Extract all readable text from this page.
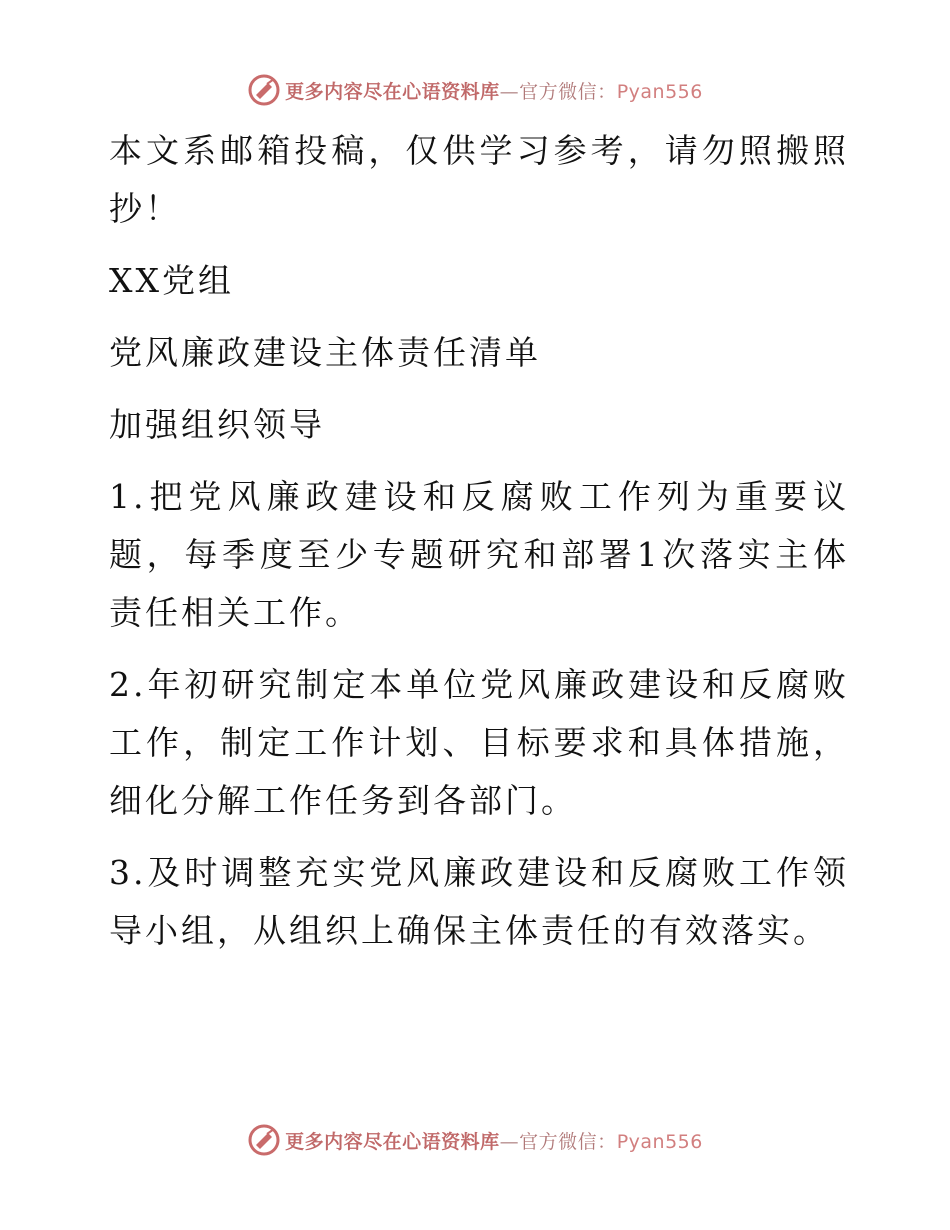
更多内容尽在心语资料库—官方微信：Pyan556

本文系邮箱投稿，仅供学习参考，请勿照搬照抄！

XX党组

党风廉政建设主体责任清单

加强组织领导

1.把党风廉政建设和反腐败工作列为重要议题，每季度至少专题研究和部署1次落实主体责任相关工作。

2.年初研究制定本单位党风廉政建设和反腐败工作，制定工作计划、目标要求和具体措施，细化分解工作任务到各部门。

3.及时调整充实党风廉政建设和反腐败工作领导小组，从组织上确保主体责任的有效落实。

更多内容尽在心语资料库—官方微信：Pyan556
